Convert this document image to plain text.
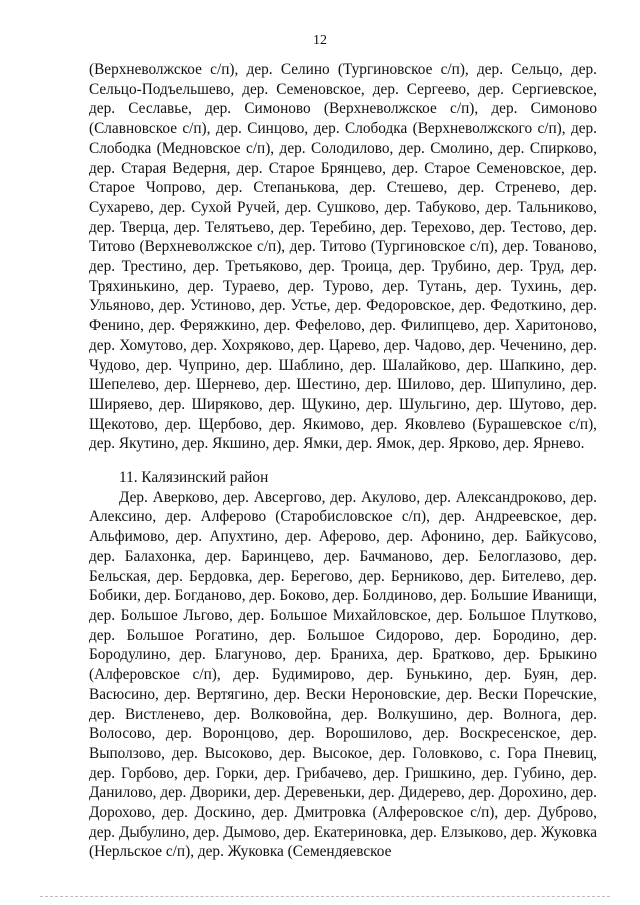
12

(Верхневолжское с/п), дер. Селино (Тургиновское с/п), дер. Сельцо, дер. Сельцо-Подъельшево, дер. Семеновское, дер. Сергеево, дер. Сергиевское, дер. Сеславье, дер. Симоново (Верхневолжское с/п), дер. Симоново (Славновское с/п), дер. Синцово, дер. Слободка (Верхневолжского с/п), дер. Слободка (Медновское с/п), дер. Солодилово, дер. Смолино, дер. Спирково, дер. Старая Ведерня, дер. Старое Брянцево, дер. Старое Семеновское, дер. Старое Чопрово, дер. Степанькова, дер. Стешево, дер. Стренево, дер. Сухарево, дер. Сухой Ручей, дер. Сушково, дер. Табуково, дер. Тальниково, дер. Тверца, дер. Телятьево, дер. Теребино, дер. Терехово, дер. Тестово, дер. Титово (Верхневолжское с/п), дер. Титово (Тургиновское с/п), дер. Тованово, дер. Трестино, дер. Третьяково, дер. Троица, дер. Трубино, дер. Труд, дер. Тряхинькино, дер. Тураево, дер. Турово, дер. Тутань, дер. Тухинь, дер. Ульяново, дер. Устиново, дер. Устье, дер. Федоровское, дер. Федоткино, дер. Фенино, дер. Феряжкино, дер. Фефелово, дер. Филипцево, дер. Харитоново, дер. Хомутово, дер. Хохряково, дер. Царево, дер. Чадово, дер. Чеченино, дер. Чудово, дер. Чуприно, дер. Шаблино, дер. Шалайково, дер. Шапкино, дер. Шепелево, дер. Шернево, дер. Шестино, дер. Шилово, дер. Шипулино, дер. Ширяево, дер. Ширяково, дер. Щукино, дер. Шульгино, дер. Шутово, дер. Щекотово, дер. Щербово, дер. Якимово, дер. Яковлево (Бурашевское с/п), дер. Якутино, дер. Якшино, дер. Ямки, дер. Ямок, дер. Ярково, дер. Ярнево.

11. Калязинский район

Дер. Аверково, дер. Авсергово, дер. Акулово, дер. Александроково, дер. Алексино, дер. Алферово (Старобисловское с/п), дер. Андреевское, дер. Альфимово, дер. Апухтино, дер. Аферово, дер. Афонино, дер. Байкусово, дер. Балахонка, дер. Баринцево, дер. Бачманово, дер. Белоглазово, дер. Бельская, дер. Бердовка, дер. Берегово, дер. Берниково, дер. Бителево, дер. Бобики, дер. Богданово, дер. Боково, дер. Болдиново, дер. Большие Иванищи, дер. Большое Льгово, дер. Большое Михайловское, дер. Большое Плутково, дер. Большое Рогатино, дер. Большое Сидорово, дер. Бородино, дер. Бородулино, дер. Благуново, дер. Браниха, дер. Братково, дер. Брыкино (Алферовское с/п), дер. Будимирово, дер. Бунькино, дер. Буян, дер. Васюсино, дер. Вертягино, дер. Вески Нероновские, дер. Вески Поречские, дер. Вистленево, дер. Волковойна, дер. Волкушино, дер. Волнога, дер. Волосово, дер. Воронцово, дер. Ворошилово, дер. Воскресенское, дер. Выползово, дер. Высоково, дер. Высокое, дер. Головково, с. Гора Пневиц, дер. Горбово, дер. Горки, дер. Грибачево, дер. Гришкино, дер. Губино, дер. Данилово, дер. Дворики, дер. Деревеньки, дер. Дидерево, дер. Дорохино, дер. Дорохово, дер. Доскино, дер. Дмитровка (Алферовское с/п), дер. Дуброво, дер. Дыбулино, дер. Дымово, дер. Екатериновка, дер. Елзыково, дер. Жуковка (Нерльское с/п), дер. Жуковка (Семендяевское
